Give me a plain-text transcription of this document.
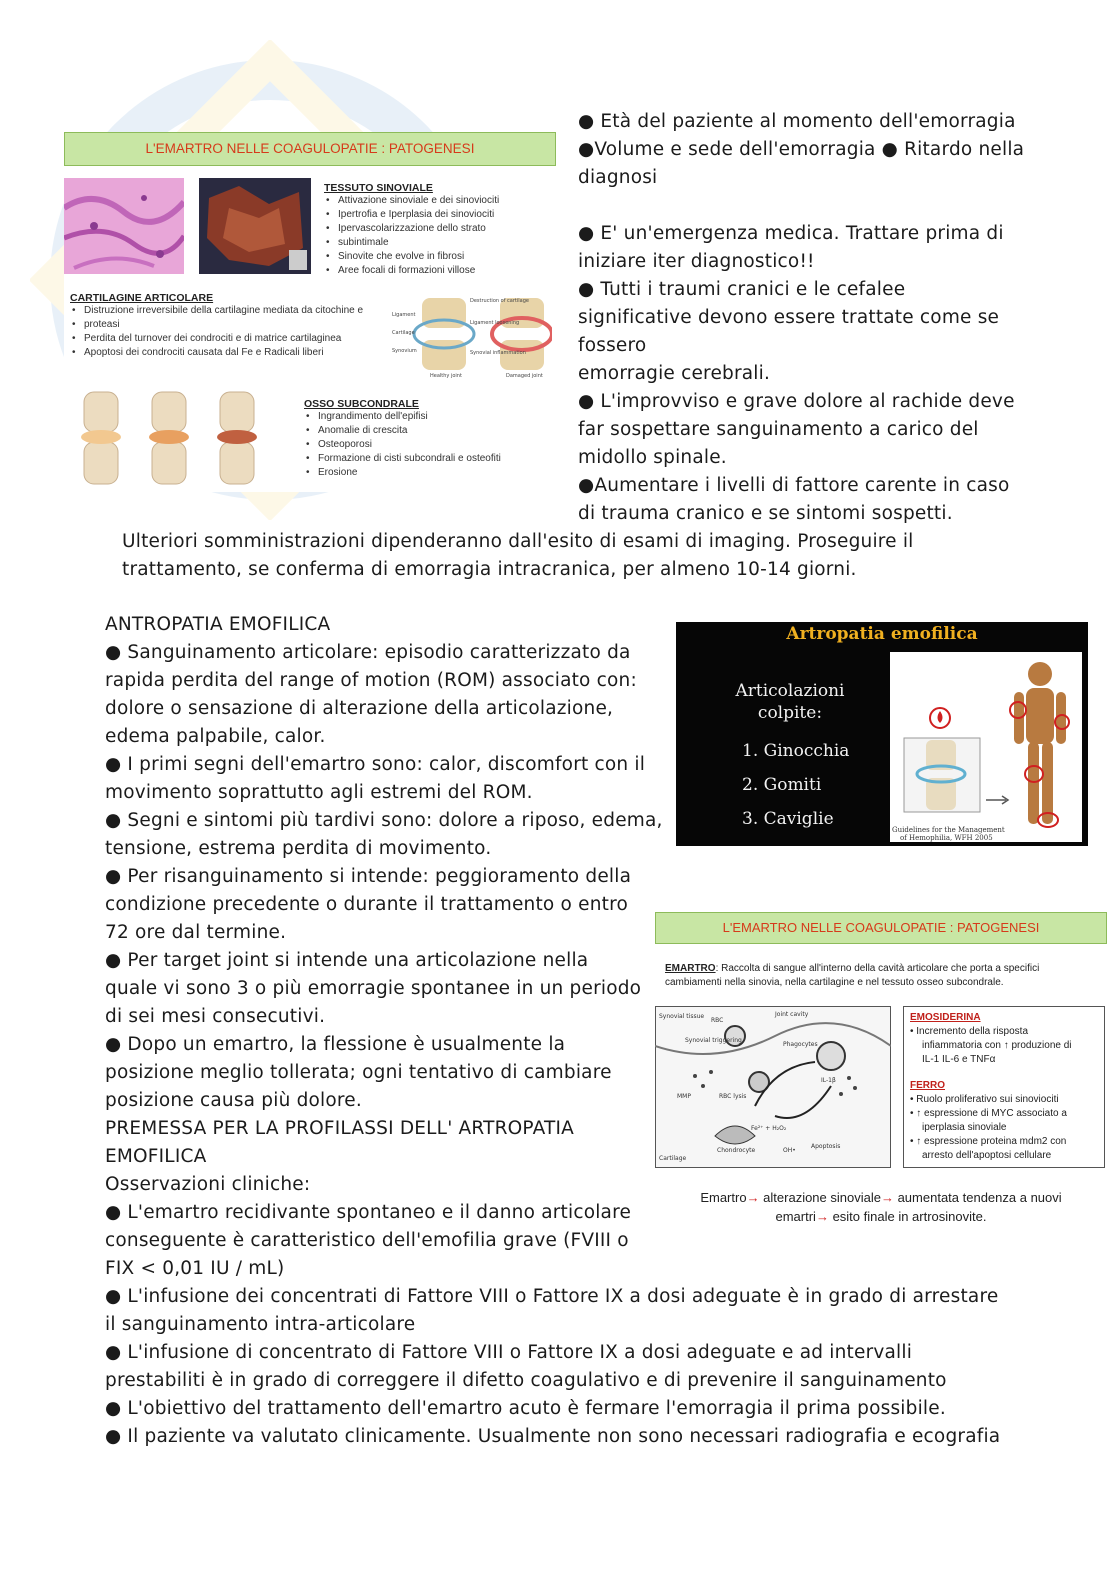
L'EMARTRO NELLE COAGULOPATIE : PATOGENESI
TESSUTO SINOVIALE
• Attivazione sinoviale e dei sinoviociti
• Ipertrofia e Iperplasia dei sinoviociti
• Ipervascolarizzazione dello strato
• subintimale
• Sinovite che evolve in fibrosi
• Aree focali di formazioni villose
CARTILAGINE ARTICOLARE
• Distruzione irreversibile della cartilagine mediata da citochine e
• proteasi
• Perdita del turnover dei condrociti e di matrice cartilaginea
• Apoptosi dei condrociti causata dal Fe e Radicali liberi
Ligament
Cartilage
Synovium
Destruction of cartilage
Ligament loosening
Synovial inflammation
Healthy joint	Damaged joint
OSSO SUBCONDRALE
• Ingrandimento dell'epifisi
• Anomalie di crescita
• Osteoporosi
• Formazione di cisti subcondrali e osteofiti
• Erosione
● Età del paziente al momento dell'emorragia
●Volume e sede dell'emorragia ● Ritardo nella
diagnosi
● E' un'emergenza medica. Trattare prima di
iniziare iter diagnostico!!
● Tutti i traumi cranici e le cefalee
significative devono essere trattate come se
fossero
emorragie cerebrali.
● L'improvviso e grave dolore al rachide deve
far sospettare sanguinamento a carico del
midollo spinale.
●Aumentare i livelli di fattore carente in caso
di trauma cranico e se sintomi sospetti.
Ulteriori somministrazioni dipenderanno dall'esito di esami di imaging. Proseguire il
trattamento, se conferma di emorragia intracranica, per almeno 10-14 giorni.
ANTROPATIA EMOFILICA
● Sanguinamento articolare: episodio caratterizzato da
rapida perdita del range of motion (ROM) associato con:
dolore o sensazione di alterazione della articolazione,
edema palpabile, calor.
● I primi segni dell'emartro sono: calor, discomfort con il
movimento soprattutto agli estremi del ROM.
● Segni e sintomi più tardivi sono: dolore a riposo, edema,
tensione, estrema perdita di movimento.
● Per risanguinamento si intende: peggioramento della
condizione precedente o durante il trattamento o entro
72 ore dal termine.
● Per target joint si intende una articolazione nella
quale vi sono 3 o più emorragie spontanee in un periodo
di sei mesi consecutivi.
● Dopo un emartro, la flessione è usualmente la
posizione meglio tollerata; ogni tentativo di cambiare
posizione causa più dolore.
PREMESSA PER LA PROFILASSI DELL' ARTROPATIA
EMOFILICA
Osservazioni cliniche:
● L'emartro recidivante spontaneo e il danno articolare
conseguente è caratteristico dell'emofilia grave (FVIII o
FIX < 0,01 IU / mL)
● L'infusione dei concentrati di Fattore VIII o Fattore IX a dosi adeguate è in grado di arrestare
il sanguinamento intra-articolare
● L'infusione di concentrato di Fattore VIII o Fattore IX a dosi adeguate e ad intervalli
prestabiliti è in grado di correggere il difetto coagulativo e di prevenire il sanguinamento
● L'obiettivo del trattamento dell'emartro acuto è fermare l'emorragia il prima possibile.
● Il paziente va valutato clinicamente. Usualmente non sono necessari radiografia e ecografia
Artropatia emofilica
Articolazioni
colpite:
1. Ginocchia
2. Gomiti
3. Caviglie
Guidelines for the Management
of Hemophilia, WFH 2005
L'EMARTRO NELLE COAGULOPATIE : PATOGENESI
EMARTRO: Raccolta di sangue all'interno della cavità articolare che porta a specifici
cambiamenti nella sinovia, nella cartilagine e nel tessuto osseo subcondrale.
Synovial tissue
RBC
Joint cavity
Synovial triggering
Phagocytes
MMP	RBC lysis
IL-1β
Fe²⁺ + H₂O₂
Chondrocyte	OH•
Apoptosis
Cartilage
EMOSIDERINA
• Incremento della risposta
infiammatoria con ↑ produzione di
IL-1 IL-6 e TNFα
FERRO
• Ruolo proliferativo sui sinoviociti
• ↑ espressione di MYC associato a
iperplasia sinoviale
• ↑ espressione proteina mdm2 con
arresto dell'apoptosi cellulare
Emartro→ alterazione sinoviale→ aumentata tendenza a nuovi
emartri→ esito finale in artrosinovite.
